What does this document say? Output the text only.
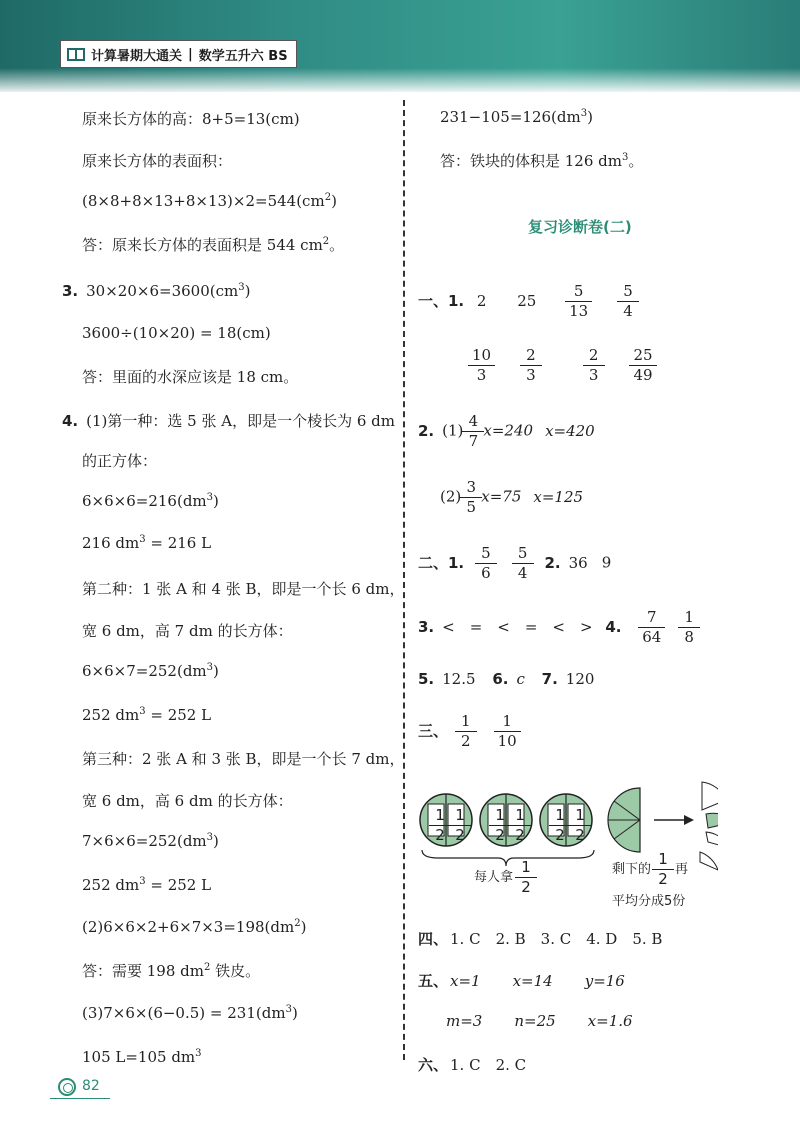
计算暑期大通关 | 数学五升六 BS
原来长方体的高：8+5=13(cm)
原来长方体的表面积：
$(8\times 8+8\times 13+8\times 13)\times 2=544(cm^2)$
答：原来长方体的表面积是 544 $cm^2$。
3. $30\times 20\times 6=3600(cm^3)$
3600÷(10×20) = 18(cm)
答：里面的水深应该是 18 cm。
4. (1)第一种：选 5 张 A，即是一个棱长为 6 dm
的正方体：
$6\times 6\times 6=216(dm^3)$
216 $dm^3 = 216$ L
第二种：1 张 A 和 4 张 B，即是一个长 6 dm，
宽 6 dm，高 7 dm 的长方体：
$6\times 6\times 7=252(dm^3)$
252 $dm^3 = 252$ L
第三种：2 张 A 和 3 张 B，即是一个长 7 dm，
宽 6 dm，高 6 dm 的长方体：
$7\times 6\times 6=252(dm^3)$
252 $dm^3 = 252$ L
$(2)6\times 6\times 2+6\times 7\times 3=198(dm^2)$
答：需要 198 $dm^2$ 铁皮。
$(3)7\times 6\times(6-0.5) = 231(dm^3)$
105 L=105 $dm^3$
$231-105=126(dm^3)$
答：铁块的体积是 126 $dm^3$。
复习诊断卷(二)
一、1. 2 $25 \frac{5}{13}$
$\frac{5}{4}$
$\frac{10}{3}$
$\frac{2}{3}$
	$\frac{2}{3}$
$\frac{25}{49}$
2. $(1) \frac{4}{7} x=240$ x=420
$(2) \frac{3}{5} x=75$ x=125
二、1. $\frac{5}{6}$
$\frac{5}{4} 2$. 36 9
3. <　=　<　=　<　> 4. $\frac{7}{64}$
$\frac{1}{8}$
5. 12.5 6. c 7. 120
三、 $\frac{1}{2}$
$\frac{1}{10}$
$\frac{1}{2} \frac{1}{2} \frac{1}{2} \frac{1}{2} \frac{1}{2} \frac{1}{2}$
每人拿 $\frac{1}{2}$	剩下的 $\frac{1}{2}$ 再
平均分成5份
四、 1. C　2. B　3. C　4. D　5. B
五、 x=1 x=14 y=16
m=3 n=25 x=1.6
六、 1. C　2. C
82
